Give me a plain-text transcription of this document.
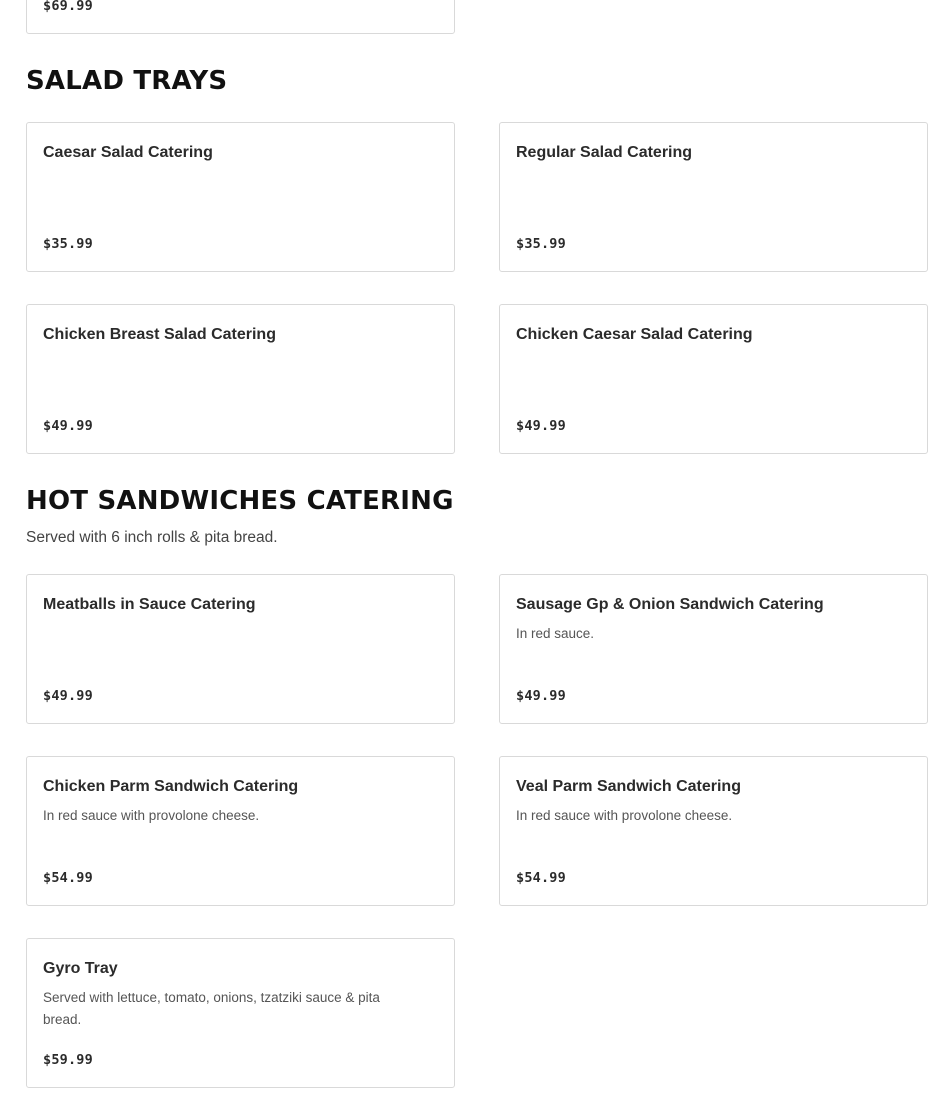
$69.99
SALAD TRAYS
Caesar Salad Catering
$35.99
Regular Salad Catering
$35.99
Chicken Breast Salad Catering
$49.99
Chicken Caesar Salad Catering
$49.99
HOT SANDWICHES CATERING

Served with 6 inch rolls & pita bread.

Meatballs in Sauce Catering
$49.99
Sausage Gp & Onion Sandwich Catering
In red sauce.
$49.99
Chicken Parm Sandwich Catering
In red sauce with provolone cheese.
$54.99
Veal Parm Sandwich Catering
In red sauce with provolone cheese.
$54.99
Gyro Tray
Served with lettuce, tomato, onions, tzatziki sauce & pita bread.
$59.99
